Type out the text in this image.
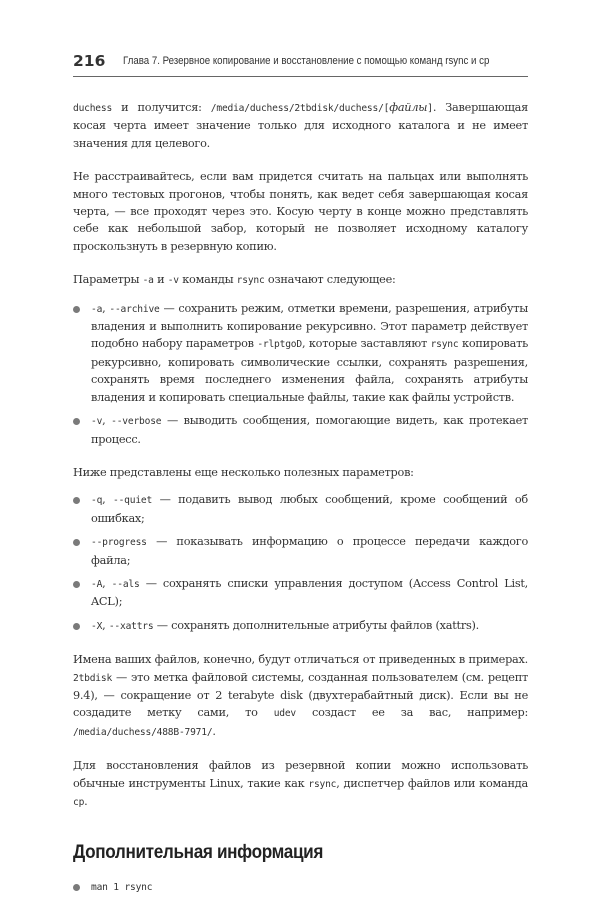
216 Глава 7. Резервное копирование и восстановление с помощью команд rsync и cp

duchess и получится: /media/duchess/2tbdisk/duchess/[файлы]. Завершающая косая черта имеет значение только для исходного каталога и не имеет значения для целевого.

Не расстраивайтесь, если вам придется считать на пальцах или выполнять много тестовых прогонов, чтобы понять, как ведет себя завершающая косая черта, — все проходят через это. Косую черту в конце можно представлять себе как небольшой забор, который не позволяет исходному каталогу проскользнуть в резервную копию.

Параметры -a и -v команды rsync означают следующее:

-a, --archive — сохранить режим, отметки времени, разрешения, атрибуты владения и выполнить копирование рекурсивно. Этот параметр действует подобно набору параметров -rlptgoD, которые заставляют rsync копировать рекурсивно, копировать символические ссылки, сохранять разрешения, сохранять время последнего изменения файла, сохранять атрибуты владения и копировать специальные файлы, такие как файлы устройств.
-v, --verbose — выводить сообщения, помогающие видеть, как протекает процесс.

Ниже представлены еще несколько полезных параметров:

-q, --quiet — подавить вывод любых сообщений, кроме сообщений об ошибках;
--progress — показывать информацию о процессе передачи каждого файла;
-A, --als — сохранять списки управления доступом (Access Control List, ACL);
-X, --xattrs — сохранять дополнительные атрибуты файлов (xattrs).

Имена ваших файлов, конечно, будут отличаться от приведенных в примерах. 2tbdisk — это метка файловой системы, созданная пользователем (см. рецепт 9.4), — сокращение от 2 terabyte disk (двухтерабайтный диск). Если вы не создадите метку сами, то udev создаст ее за вас, например: /media/duchess/488B-7971/.

Для восстановления файлов из резервной копии можно использовать обычные инструменты Linux, такие как rsync, диспетчер файлов или команда cp.

Дополнительная информация
man 1 rsync
